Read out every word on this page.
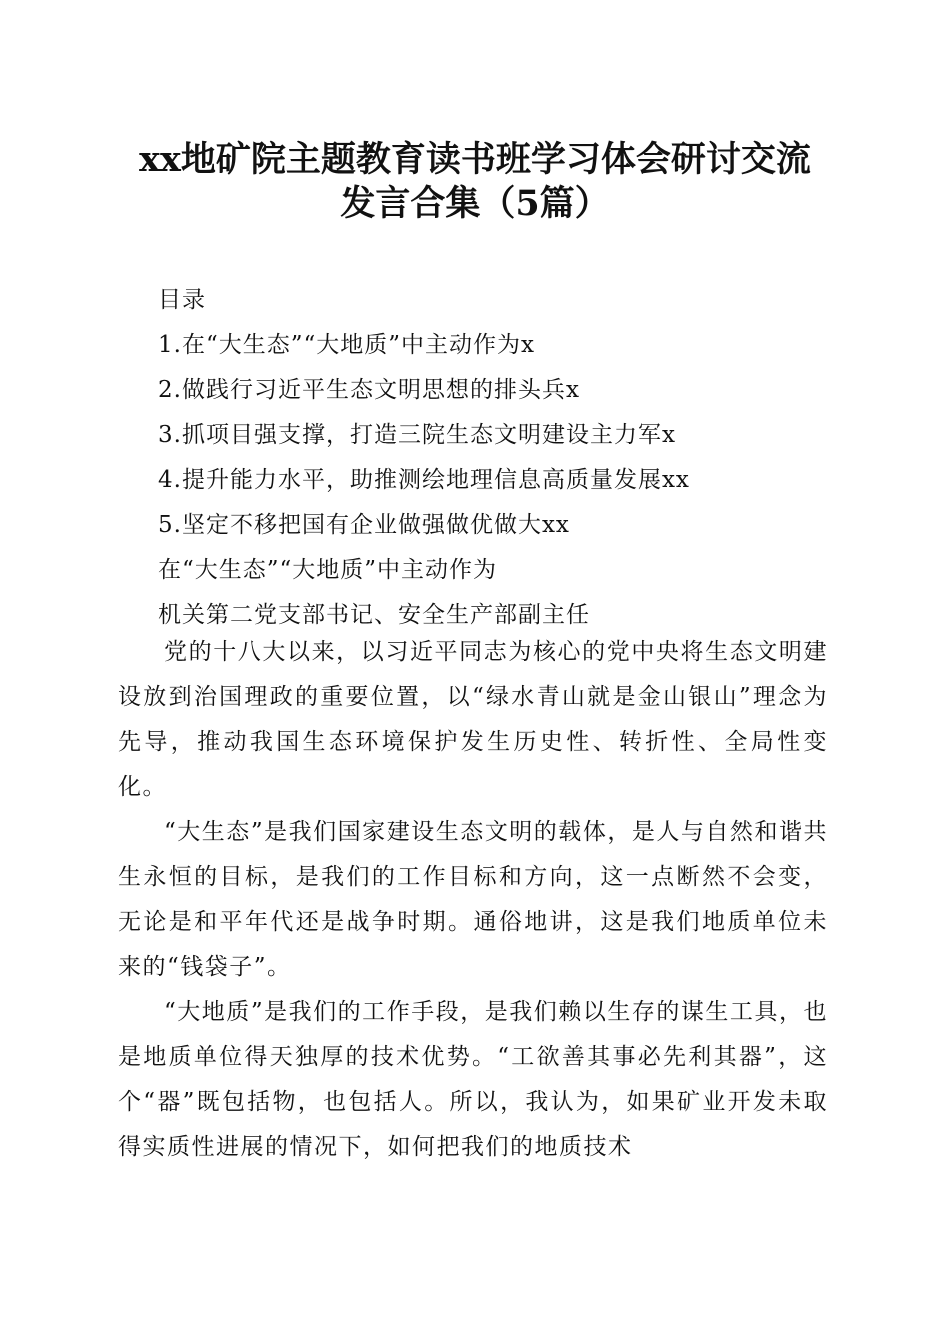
xx地矿院主题教育读书班学习体会研讨交流
发言合集（5篇）
目录
1.在“大生态”“大地质”中主动作为x
2.做践行习近平生态文明思想的排头兵x
3.抓项目强支撑，打造三院生态文明建设主力军x
4.提升能力水平，助推测绘地理信息高质量发展xx
5.坚定不移把国有企业做强做优做大xx
在“大生态”“大地质”中主动作为
机关第二党支部书记、安全生产部副主任

党的十八大以来，以习近平同志为核心的党中央将生态文明建设放到治国理政的重要位置，以“绿水青山就是金山银山”理念为先导，推动我国生态环境保护发生历史性、转折性、全局性变化。

“大生态”是我们国家建设生态文明的载体，是人与自然和谐共生永恒的目标，是我们的工作目标和方向，这一点断然不会变，无论是和平年代还是战争时期。通俗地讲，这是我们地质单位未来的“钱袋子”。

“大地质”是我们的工作手段，是我们赖以生存的谋生工具，也是地质单位得天独厚的技术优势。“工欲善其事必先利其器”，这个“器”既包括物，也包括人。所以，我认为，如果矿业开发未取得实质性进展的情况下，如何把我们的地质技术
